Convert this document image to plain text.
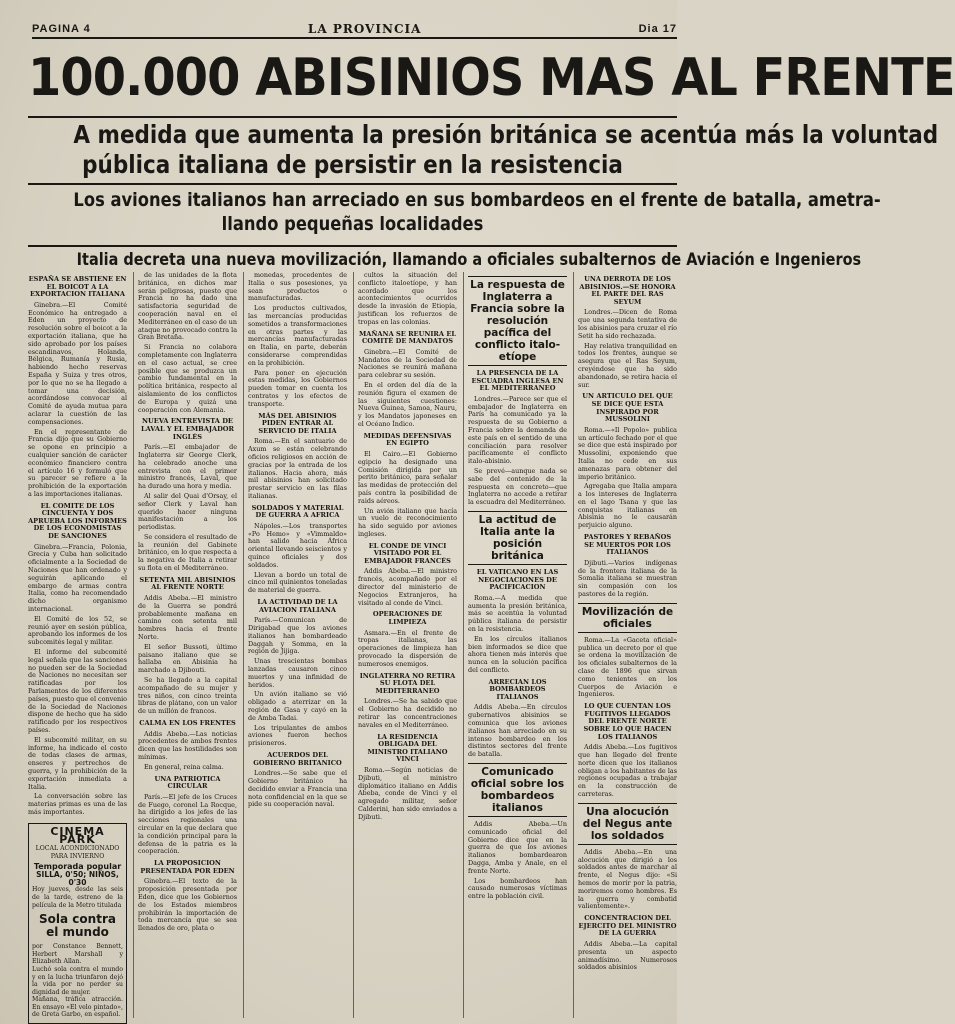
PAGINA 4	LA PROVINCIA	Dia 17
100.000 ABISINIOS MAS AL FRENTE
A medida que aumenta la presión británica se acentúa más la voluntad
pública italiana de persistir en la resistencia
Los aviones italianos han arreciado en sus bombardeos en el frente de batalla, ametra-
llando pequeñas localidades
Italia decreta una nueva movilización, llamando a oficiales subalternos de Aviación e Ingenieros
ESPAÑA SE ABSTIENE EN EL BOICOT A LA EXPORTACION ITALIANA

Ginebra.—El Comité Económico ha entregado a Eden un proyecto de resolución sobre el boicot a la exportación italiana, que ha sido aprobado por los países escandinavos, Holanda, Bélgica, Rumanía y Rusia, habiendo hecho reservas España y Suiza y tres otros, por lo que no se ha llegado a tomar una decisión, acordándose convocar al Comité de ayuda mutua para aclarar la cuestión de las compensaciones.

En el representante de Francia dijo que su Gobierno se opone en principio a cualquier sanción de carácter económico financiero contra el artículo 16 y formuló que su parecer se refiere a la prohibición de la exportación a las importaciones italianas.

EL COMITE DE LOS CINCUENTA Y DOS APRUEBA LOS INFORMES DE LOS ECONOMISTAS DE SANCIONES

Ginebra.—Francia, Polonia, Grecia y Cuba han solicitado oficialmente a la Sociedad de Naciones que han ordenado y seguirán aplicando el embargo de armas contra Italia, como ha recomendado dicho organismo internacional.

El Comité de los 52, se reunió ayer en sesión pública, aprobando los informes de los subcomités legal y militar.

El informe del subcomité legal señala que las sanciones no pueden ser de la Sociedad de Naciones no necesitan ser ratificadas por los Parlamentos de los diferentes países, puesto que el convenio de la Sociedad de Naciones dispone de hecho que ha sido ratificado por los respectivos países.

El subcomité militar, en su informe, ha indicado el costo de todas clases de armas, enseres y pertrechos de guerra, y la prohibición de la exportación inmediata a Italia.

La conversación sobre las materias primas es una de las más importantes.

CINEMA PARK
LOCAL ACONDICIONADO PARA INVIERNO
Temporada popular
SILLA, 0'50; NIÑOS, 0'30
Hoy jueves, desde las seis de la tarde, estreno de la película de la Metro titulada
Sola contra el mundo
por Constance Bennett, Herbert Marshall y Elizabeth Allan.
Luchó sola contra el mundo y en la lucha triunfaron dejó la vida por no perder su dignidad de mujer.
Mañana, tráfica atracción. En ensayo «El velo pintado», de Greta Garbo, en español.

de las unidades de la flota británica, en dichos mar serán peligrosas, puesto que Francia no ha dado una satisfactoria seguridad de cooperación naval en el Mediterráneo en el caso de un ataque no provocado contra la Gran Bretaña.

Si Francia no colabora completamente con Inglaterra en el caso actual, se cree posible que se produzca un cambio fundamental en la política británica, respecto al aislamiento de los conflictos de Europa y quizá una cooperación con Alemania.

NUEVA ENTREVISTA DE LAVAL Y EL EMBAJADOR INGLÉS

París.—El embajador de Inglaterra sir George Clerk, ha celebrado anoche una entrevista con el primer ministro francés, Laval, que ha durado una hora y media.

Al salir del Quai d'Orsay, el señor Clerk y Laval han querido hacer ninguna manifestación a los periodistas.

Se considera el resultado de la reunión del Gabinete británico, en lo que respecta a la negativa de Italia a retirar su flota en el Mediterráneo.

SETENTA MIL ABISINIOS AL FRENTE NORTE

Addis Abeba.—El ministro de la Guerra se pondrá probablemente mañana en camino con setenta mil hombres hacia el frente Norte.

El señor Bussoti, último paisano italiano que se hallaba en Abisinia ha marchado a Djibouti.

Se ha llegado a la capital acompañado de su mujer y tres niños, con cinco treinta libras de plátano, con un valor de un millón de francos.

CALMA EN LOS FRENTES

Addis Abeba.—Las noticias procedentes de ambos frentes dicen que las hostilidades son mínimas.

En general, reina calma.

UNA PATRIOTICA CIRCULAR

París.—El jefe de los Cruces de Fuego, coronel La Rocque, ha dirigido a los jefes de las secciones regionales una circular en la que declara que la condición principal para la defensa de la patria es la cooperación.

LA PROPOSICION PRESENTADA POR EDEN

Ginebra.—El texto de la proposición presentada por Eden, dice que los Gobiernos de los Estados miembros prohibirán la importación de toda mercancía que se sea llenados de oro, plata o

monedas, procedentes de Italia o sus posesiones, ya sean productos o manufacturadas.

Los productos cultivados, las mercancías producidas sometidos a transformaciones en otras partes y las mercancías manufacturadas en Italia, en parte, deberán considerarse comprendidas en la prohibición.

Para poner en ejecución estas medidas, los Gobiernos pueden tomar en cuenta los contratos y los efectos de transporte.

MÁS DEL ABISINIOS PIDEN ENTRAR AL SERVICIO DE ITALIA

Roma.—En el santuario de Axum se están celebrando oficios religiosos en acción de gracias por la entrada de los italianos. Hacia ahora, más mil abisinios han solicitado prestar servicio en las filas italianas.

SOLDADOS Y MATERIAL DE GUERRA A AFRICA

Nápoles.—Los transportes «Po Hemo» y «Vimmaldo» han salido hacia África oriental llevando seiscientos y quince oficiales y dos soldados.

Llevan a bordo un total de cinco mil quinientos toneladas de material de guerra.

LA ACTIVIDAD DE LA AVIACION ITALIANA

París.—Comunican de Dirigabad que los aviones italianos han bombardeado Daggah y Somma, en la región de Jijiga.

Unas trescientas bombas lanzadas causaron cinco muertos y una infinidad de heridos.

Un avión italiano se vió obligado a aterrizar en la región de Gasa y cayó en la de Amba Tadai.

Los tripulantes de ambos aviones fueron hechos prisioneros.

ACUERDOS DEL GOBIERNO BRITANICO

Londres.—Se sabe que el Gobierno británico ha decidido enviar a Francia una nota confidencial en la que se pide su cooperación naval.

cultos la situación del conflicto italoetíope, y han acordado que los acontecimientos ocurridos desde la invasión de Etiopía, justifican los refuerzos de tropas en las colonias.

MAÑANA SE REUNIRA EL COMITÉ DE MANDATOS

Ginebra.—El Comité de Mandatos de la Sociedad de Naciones se reunirá mañana para celebrar su sesión.

En el orden del día de la reunión figura el examen de las siguientes cuestiones: Nueva Guinea, Samoa, Nauru, y los Mandatos japoneses en el Océano Índico.

MEDIDAS DEFENSIVAS EN EGIPTO

El Cairo.—El Gobierno egipcio ha designado una Comisión dirigida por un perito británico, para señalar las medidas de protección del país contra la posibilidad de raids aéreos.

Un avión italiano que hacía un vuelo de reconocimiento ha sido seguido por aviones ingleses.

EL CONDE DE VINCI VISITADO POR EL EMBAJADOR FRANCÉS

Addis Abeba.—El ministro francés, acompañado por el director del ministerio de Negocios Extranjeros, ha visitado al conde de Vinci.

OPERACIONES DE LIMPIEZA

Asmara.—En el frente de tropas italianas, las operaciones de limpieza han provocado la dispersión de numerosos enemigos.

INGLATERRA NO RETIRA SU FLOTA DEL MEDITERRANEO

Londres.—Se ha sabido que el Gobierno ha decidido no retirar las concentraciones navales en el Mediterráneo.

LA RESIDENCIA OBLIGADA DEL MINISTRO ITALIANO VINCI

Roma.—Según noticias de Djibuti, el ministro diplomático italiano en Addis Abeba, conde de Vinci y el agregado militar, señor Calderini, han sido enviados a Djibuti.

La respuesta de Inglaterra a Francia sobre la resolución pacífica del conflicto italo-etíope
LA PRESENCIA DE LA ESCUADRA INGLESA EN EL MEDITERRANEO

Londres.—Parece ser que el embajador de Inglaterra en París ha comunicado ya la respuesta de su Gobierno a Francia sobre la demanda de este país en el sentido de una conciliación para resolver pacíficamente el conflicto italo-abisinio.

Se prevé—aunque nada se sabe del contenido de la respuesta en concreto—que Inglaterra no accede a retirar la escuadra del Mediterráneo.

La actitud de Italia ante la posición británica
EL VATICANO EN LAS NEGOCIACIONES DE PACIFICACION

Roma.—A medida que aumenta la presión británica, más se acentúa la voluntad pública italiana de persistir en la resistencia.

En los círculos italianos bien informados se dice que ahora tienen más interés que nunca en la solución pacífica del conflicto.

ARRECIAN LOS BOMBARDEOS ITALIANOS

Addis Abeba.—En círculos gubernativos abisinios se comunica que los aviones italianos han arreciado en su intenso bombardeo en los distintos sectores del frente de batalla.

Comunicado oficial sobre los bombardeos italianos

Addis Abeba.—Un comunicado oficial del Gobierno dice que en la guerra de que los aviones italianos bombardearon Dagga, Amba y Anale, en el frente Norte.

Los bombardeos han causado numerosas víctimas entre la población civil.

UNA DERROTA DE LOS ABISINIOS.—SE HONORA EL PARTE DEL RAS SEYUM

Londres.—Dicen de Roma que una segunda tentativa de los abisinios para cruzar el río Setit ha sido rechazada.

Hay relativa tranquilidad en todos los frentes, aunque se asegura que el Ras Seyum, creyéndose que ha sido abandonado, se retira hacia el sur.

UN ARTICULO DEL QUE SE DICE QUE ESTA INSPIRADO POR MUSSOLINI

Roma.—«Il Popolo» publica un artículo fechado por el que se dice que está inspirado por Mussolini, exponiendo que Italia no cede en sus amenazas para obtener del imperio británico.

Agregaba que Italia ampara a los intereses de Inglaterra en el lago Tsana y que las conquistas italianas en Abisinia no le causarán perjuicio alguno.

PASTORES Y REBAÑOS SE MUERTOS POR LOS ITALIANOS

Djibuti.—Varios indígenas de la frontera italiana de la Somalia italiana se muestran sin compasión con los pastores de la región.

Movilización de oficiales

Roma.—La «Gaceta oficial» publica un decreto por el que se ordena la movilización de los oficiales subalternos de la clase de 1896 que sirvan como tenientes en los Cuerpos de Aviación e Ingenieros.

LO QUE CUENTAN LOS FUGITIVOS LLEGADOS DEL FRENTE NORTE SOBRE LO QUE HACEN LOS ITALIANOS

Addis Abeba.—Los fugitivos que han llegado del frente norte dicen que los italianos obligan a los habitantes de las regiones ocupadas a trabajar en la construcción de carreteras.

Una alocución del Negus ante los soldados

Addis Abeba.—En una alocución que dirigió a los soldados antes de marchar al frente, el Negus dijo: «Si hemos de morir por la patria, moriremos como hombres. Es la guerra y combatid valientemente».

CONCENTRACION DEL EJERCITO DEL MINISTRO DE LA GUERRA

Addis Abeba.—La capital presenta un aspecto animadísimo. Numerosos soldados abisinios
